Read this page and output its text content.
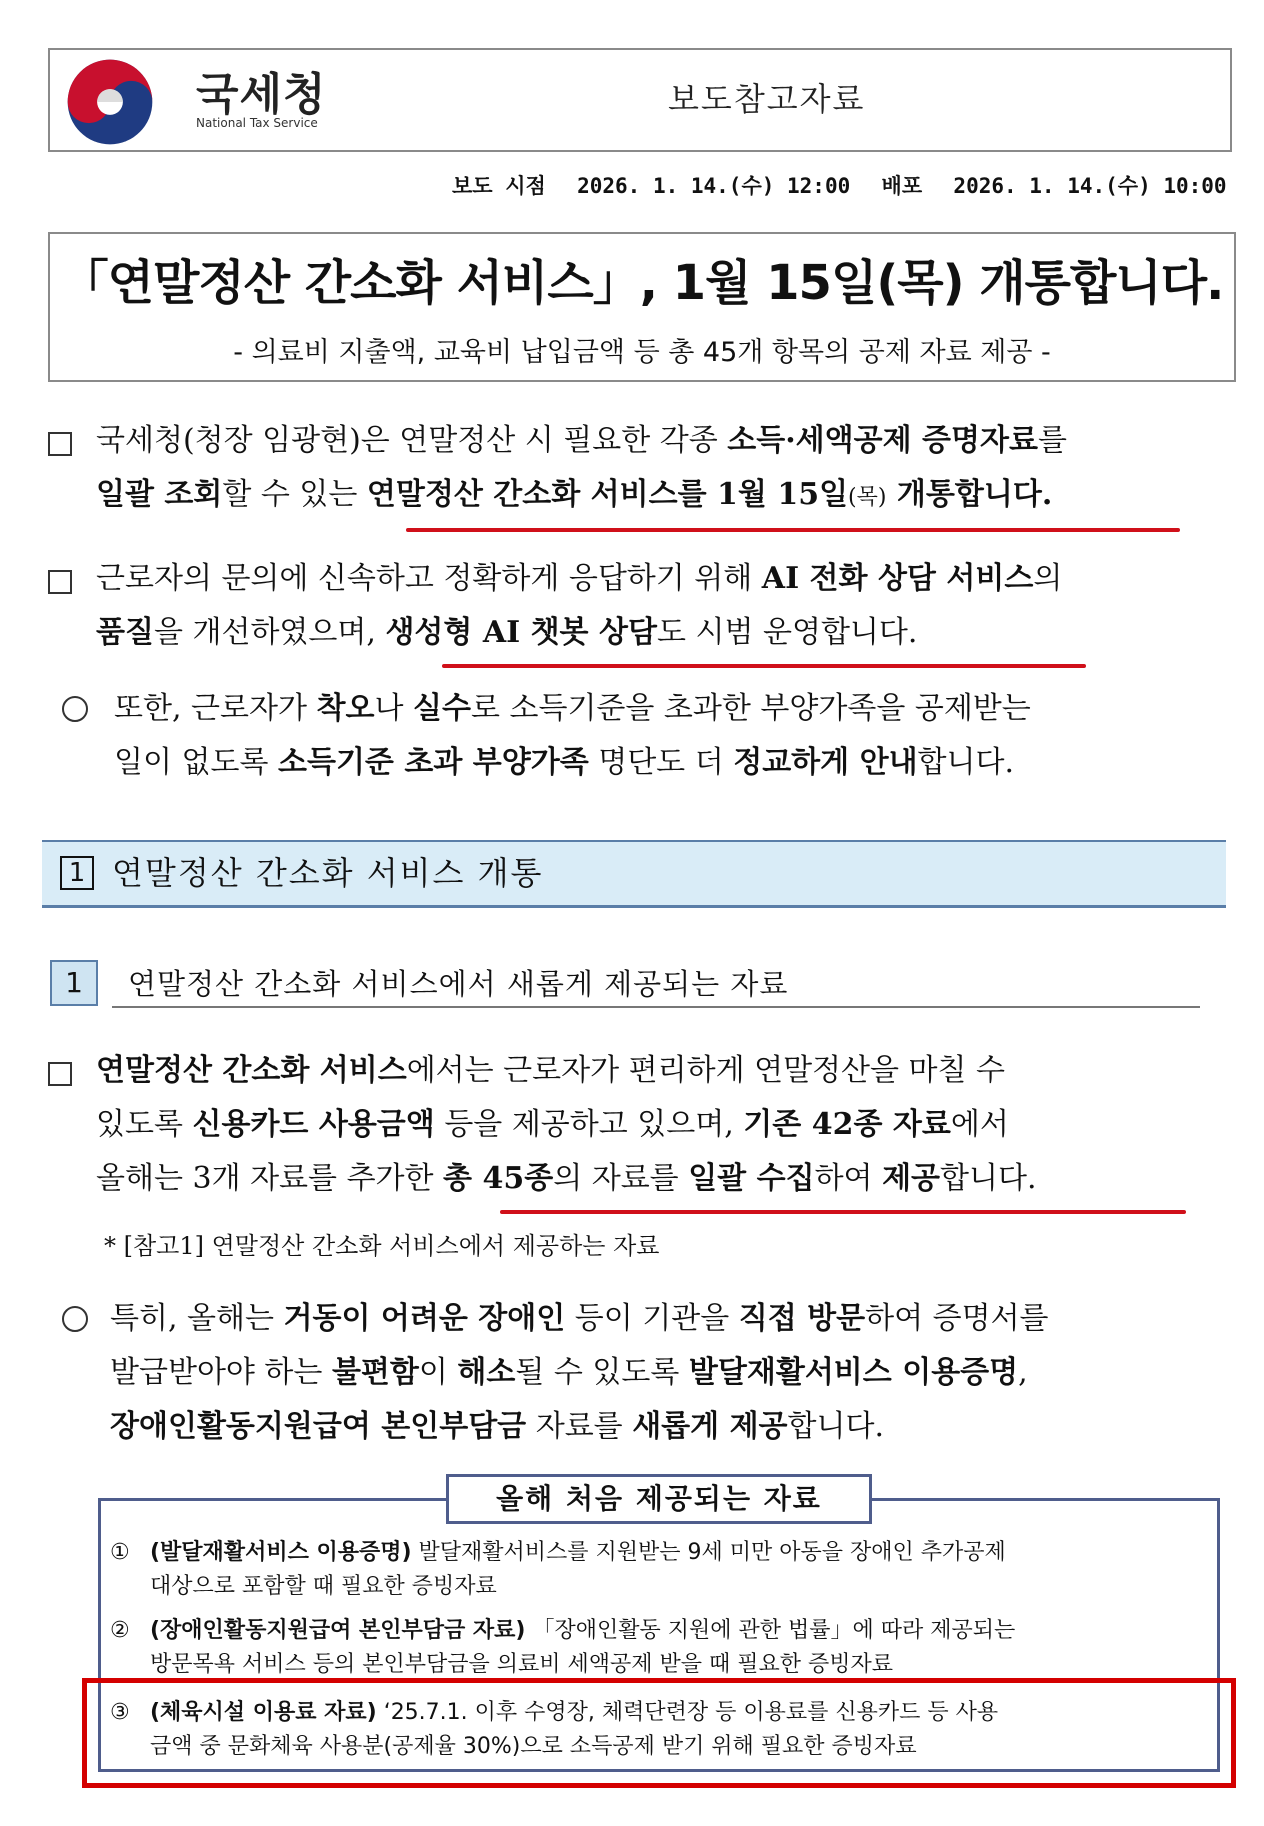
국세청
National Tax Service
보도참고자료
보도 시점 2026. 1. 14.(수) 12:00 배포 2026. 1. 14.(수) 10:00
「연말정산 간소화 서비스」, 1월 15일(목) 개통합니다.
- 의료비 지출액, 교육비 납입금액 등 총 45개 항목의 공제 자료 제공 -
국세청(청장 임광현)은 연말정산 시 필요한 각종 소득·세액공제 증명자료를
일괄 조회할 수 있는 연말정산 간소화 서비스를 1월 15일(목) 개통합니다.
근로자의 문의에 신속하고 정확하게 응답하기 위해 AI 전화 상담 서비스의
품질을 개선하였으며, 생성형 AI 챗봇 상담도 시범 운영합니다.
또한, 근로자가 착오나 실수로 소득기준을 초과한 부양가족을 공제받는
일이 없도록 소득기준 초과 부양가족 명단도 더 정교하게 안내합니다.
1 연말정산 간소화 서비스 개통
1	연말정산 간소화 서비스에서 새롭게 제공되는 자료
연말정산 간소화 서비스에서는 근로자가 편리하게 연말정산을 마칠 수
있도록 신용카드 사용금액 등을 제공하고 있으며, 기존 42종 자료에서
올해는 3개 자료를 추가한 총 45종의 자료를 일괄 수집하여 제공합니다.
* [참고1] 연말정산 간소화 서비스에서 제공하는 자료
특히, 올해는 거동이 어려운 장애인 등이 기관을 직접 방문하여 증명서를
발급받아야 하는 불편함이 해소될 수 있도록 발달재활서비스 이용증명,
장애인활동지원급여 본인부담금 자료를 새롭게 제공합니다.
올해 처음 제공되는 자료
① (발달재활서비스 이용증명) 발달재활서비스를 지원받는 9세 미만 아동을 장애인 추가공제
대상으로 포함할 때 필요한 증빙자료
② (장애인활동지원급여 본인부담금 자료) 「장애인활동 지원에 관한 법률」에 따라 제공되는
방문목욕 서비스 등의 본인부담금을 의료비 세액공제 받을 때 필요한 증빙자료
③ (체육시설 이용료 자료) ‘25.7.1. 이후 수영장, 체력단련장 등 이용료를 신용카드 등 사용
금액 중 문화체육 사용분(공제율 30%)으로 소득공제 받기 위해 필요한 증빙자료
